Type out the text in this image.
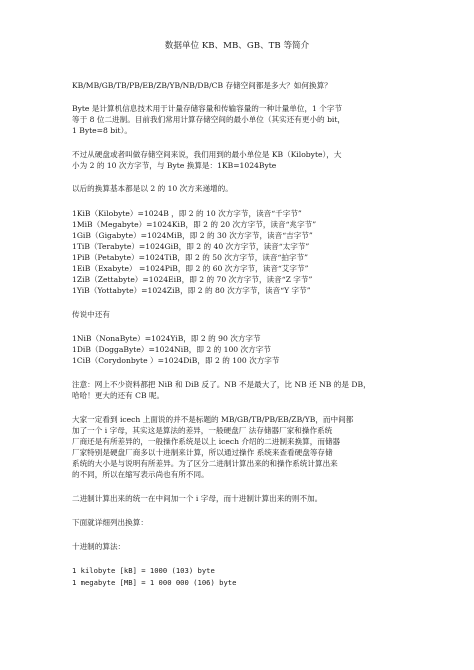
数据单位 KB、MB、GB、TB 等简介
KB/MB/GB/TB/PB/EB/ZB/YB/NB/DB/CB 存储空间都是多大？如何换算？
Byte 是计算机信息技术用于计量存储容量和传输容量的一种计量单位，1 个字节
等于 8 位二进制。目前我们常用计算存储空间的最小单位（其实还有更小的 bit，
1 Byte=8 bit）。
不过从硬盘或者叫做存储空间来说，我们用到的最小单位是 KB（Kilobyte），大
小为 2 的 10 次方字节，与 Byte 换算是：1KB=1024Byte
以后的换算基本都是以 2 的 10 次方来递增的。
1KiB（Kilobyte）=1024B ，即 2 的 10 次方字节，读音“千字节”
1MiB（Megabyte）=1024KiB，即 2 的 20 次方字节，读音“兆字节”
1GiB（Gigabyte）=1024MiB，即 2 的 30 次方字节，读音“吉字节”
1TiB（Terabyte）=1024GiB，即 2 的 40 次方字节，读音“太字节”
1PiB（Petabyte）=1024TiB，即 2 的 50 次方字节，读音“拍字节”
1EiB（Exabyte） =1024PiB，即 2 的 60 次方字节，读音“艾字节”
1ZiB（Zettabyte）=1024EiB，即 2 的 70 次方字节，读音“Z 字节”
1YiB（Yottabyte）=1024ZiB，即 2 的 80 次方字节，读音“Y 字节”
传说中还有
1NiB（NonaByte）=1024YiB，即 2 的 90 次方字节
1DiB（DoggaByte）=1024NiB，即 2 的 100 次方字节
1CiB（Corydonbyte ）=1024DiB，即 2 的 100 次方字节
注意：网上不少资料都把 NiB 和 DiB 反了。NB 不是最大了，比 NB 还 NB 的是 DB，
哈哈！更大的还有 CB 呢。
大家一定看到 icech 上面说的并不是标题的 MB/GB/TB/PB/EB/ZB/YB，而中间都
加了一个 i 字母，其实这是算法的差异，一般硬盘厂 法存储器厂家和操作系统
厂商还是有所差异的，一般操作系统是以上 icech 介绍的二进制来换算，而储器
厂家特别是硬盘厂商多以十进制来计算，所以通过操作 系统来查看硬盘等存储
系统的大小是与说明有所差异。为了区分二进制计算出来的和操作系统计算出来
的不同，所以在缩写表示尚也有所不同。
二进制计算出来的统一在中间加一个 i 字母，而十进制计算出来的则不加。
下面就详细列出换算：
十进制的算法：
1 kilobyte [kB] = 1000 (103) byte
1 megabyte [MB] = 1 000 000 (106) byte
